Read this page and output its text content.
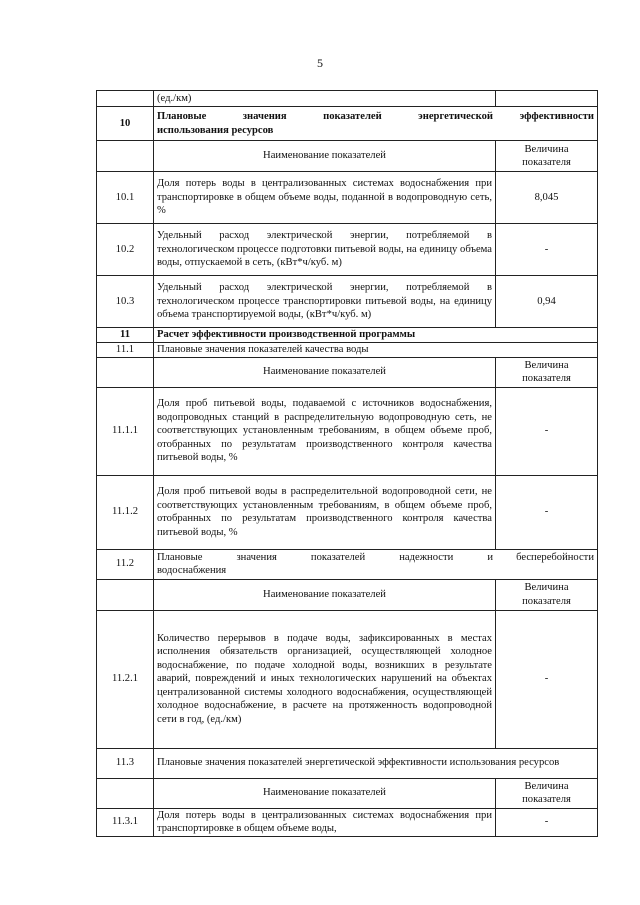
5
	(ед./км)	
10	Плановые значения показателей энергетической эффективности
использования ресурсов	

	Наименование показателей	Величина показателя
10.1	Доля потерь воды в централизованных системах водоснабжения при транспортировке в общем объеме воды, поданной в водопроводную сеть, %	8,045
10.2	Удельный расход электрической энергии, потребляемой в технологическом процессе подготовки питьевой воды, на единицу объема воды, отпускаемой в сеть, (кВт*ч/куб. м)	-
10.3	Удельный расход электрической энергии, потребляемой в технологическом процессе транспортировки питьевой воды, на единицу объема транспортируемой воды, (кВт*ч/куб. м)	0,94
11	Расчет эффективности производственной программы	
11.1	Плановые значения показателей качества воды	
	Наименование показателей	Величина показателя
11.1.1	Доля проб питьевой воды, подаваемой с источников водоснабжения, водопроводных станций в распределительную водопроводную сеть, не соответствующих установленным требованиям, в общем объеме проб, отобранных по результатам производственного контроля качества питьевой воды, %	-
11.1.2	Доля проб питьевой воды в распределительной водопроводной сети, не соответствующих установленным требованиям, в общем объеме проб, отобранных по результатам производственного контроля качества питьевой воды, %	-
11.2	Плановые значения показателей надежности и бесперебойности
водоснабжения	

	Наименование показателей	Величина показателя
11.2.1	Количество перерывов в подаче воды, зафиксированных в местах исполнения обязательств организацией, осуществляющей холодное водоснабжение, по подаче холодной воды, возникших в результате аварий, повреждений и иных технологических нарушений на объектах централизованной системы холодного водоснабжения, осуществляющей холодное водоснабжение, в расчете на протяженность водопроводной сети в год, (ед./км)	-
11.3	Плановые значения показателей энергетической эффективности использования ресурсов	
	Наименование показателей	Величина показателя
11.3.1	Доля потерь воды в централизованных системах водоснабжения при транспортировке в общем объеме воды,	-
